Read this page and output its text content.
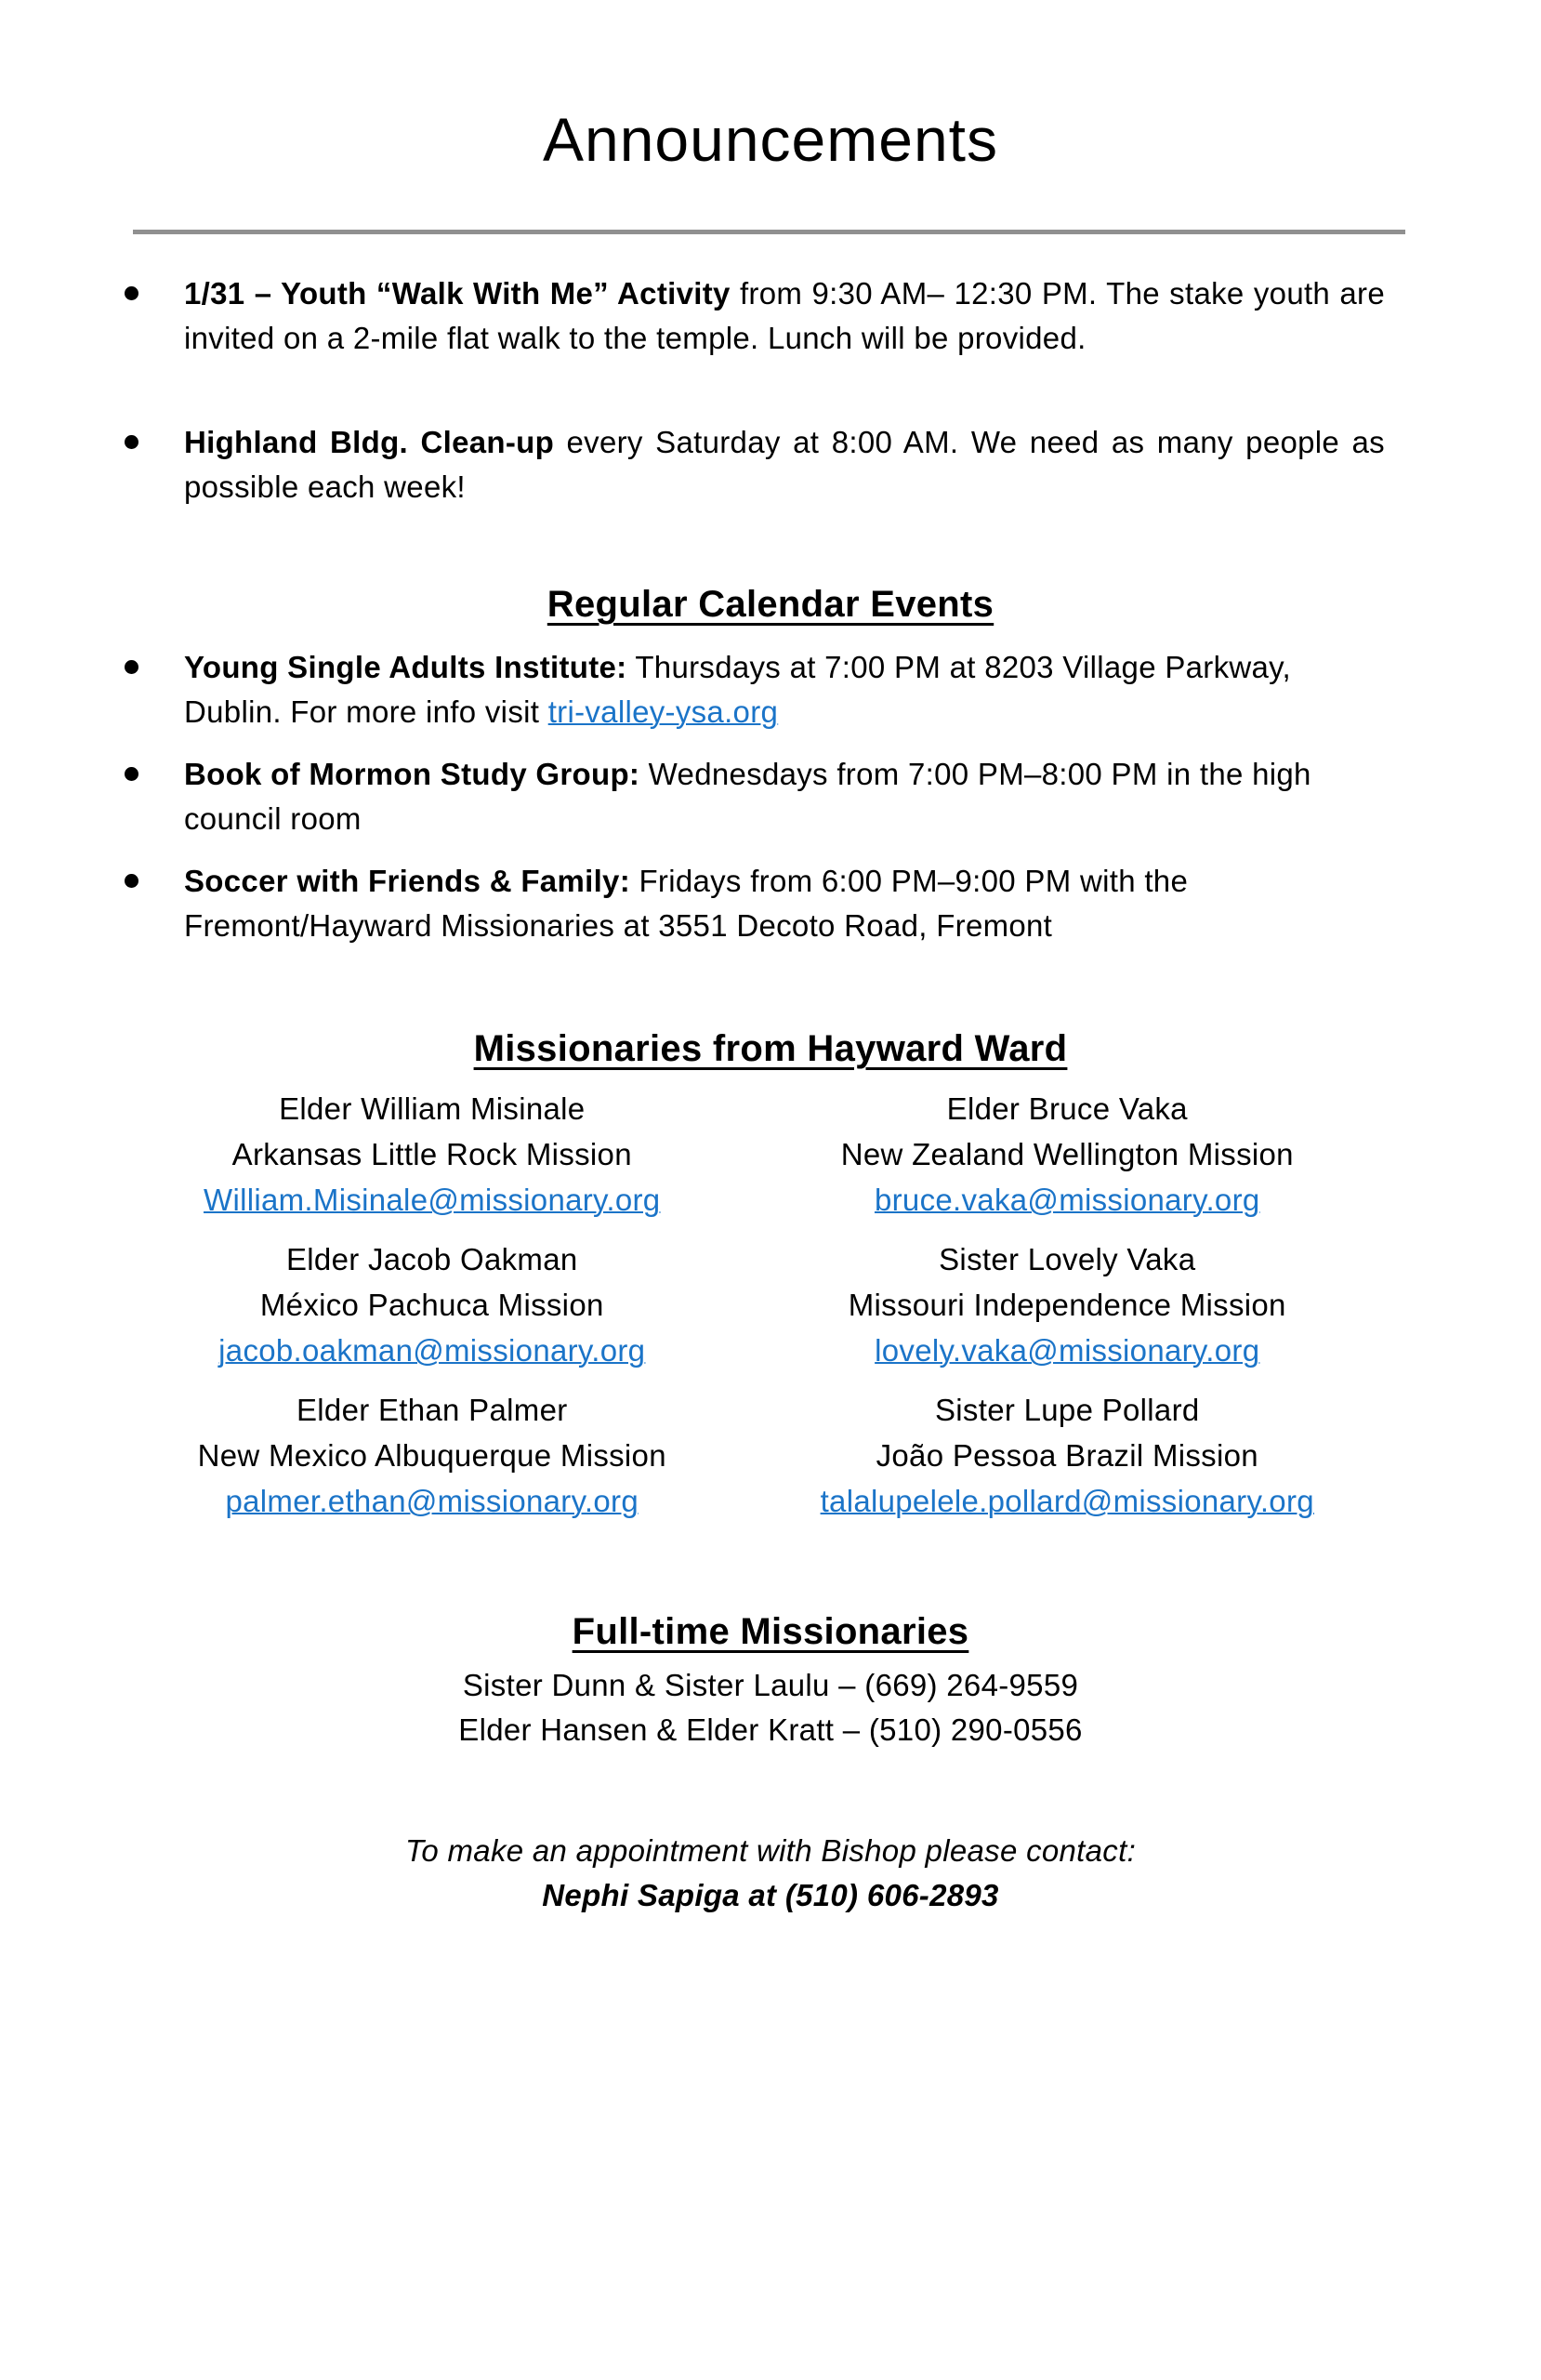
Announcements
1/31 – Youth “Walk With Me” Activity from 9:30 AM– 12:30 PM. The stake youth are invited on a 2-mile flat walk to the temple. Lunch will be provided.
Highland Bldg. Clean-up every Saturday at 8:00 AM. We need as many people as possible each week!
Regular Calendar Events
Young Single Adults Institute: Thursdays at 7:00 PM at 8203 Village Parkway, Dublin. For more info visit tri-valley-ysa.org
Book of Mormon Study Group: Wednesdays from 7:00 PM–8:00 PM in the high council room
Soccer with Friends & Family: Fridays from 6:00 PM–9:00 PM with the Fremont/Hayward Missionaries at 3551 Decoto Road, Fremont
Missionaries from Hayward Ward
Elder William Misinale
Arkansas Little Rock Mission
William.Misinale@missionary.org
Elder Bruce Vaka
New Zealand Wellington Mission
bruce.vaka@missionary.org
Elder Jacob Oakman
México Pachuca Mission
jacob.oakman@missionary.org
Sister Lovely Vaka
Missouri Independence Mission
lovely.vaka@missionary.org
Elder Ethan Palmer
New Mexico Albuquerque Mission
palmer.ethan@missionary.org
Sister Lupe Pollard
João Pessoa Brazil Mission
talalupelele.pollard@missionary.org
Full-time Missionaries
Sister Dunn & Sister Laulu – (669) 264-9559
Elder Hansen & Elder Kratt – (510) 290-0556
To make an appointment with Bishop please contact:
Nephi Sapiga at (510) 606-2893
